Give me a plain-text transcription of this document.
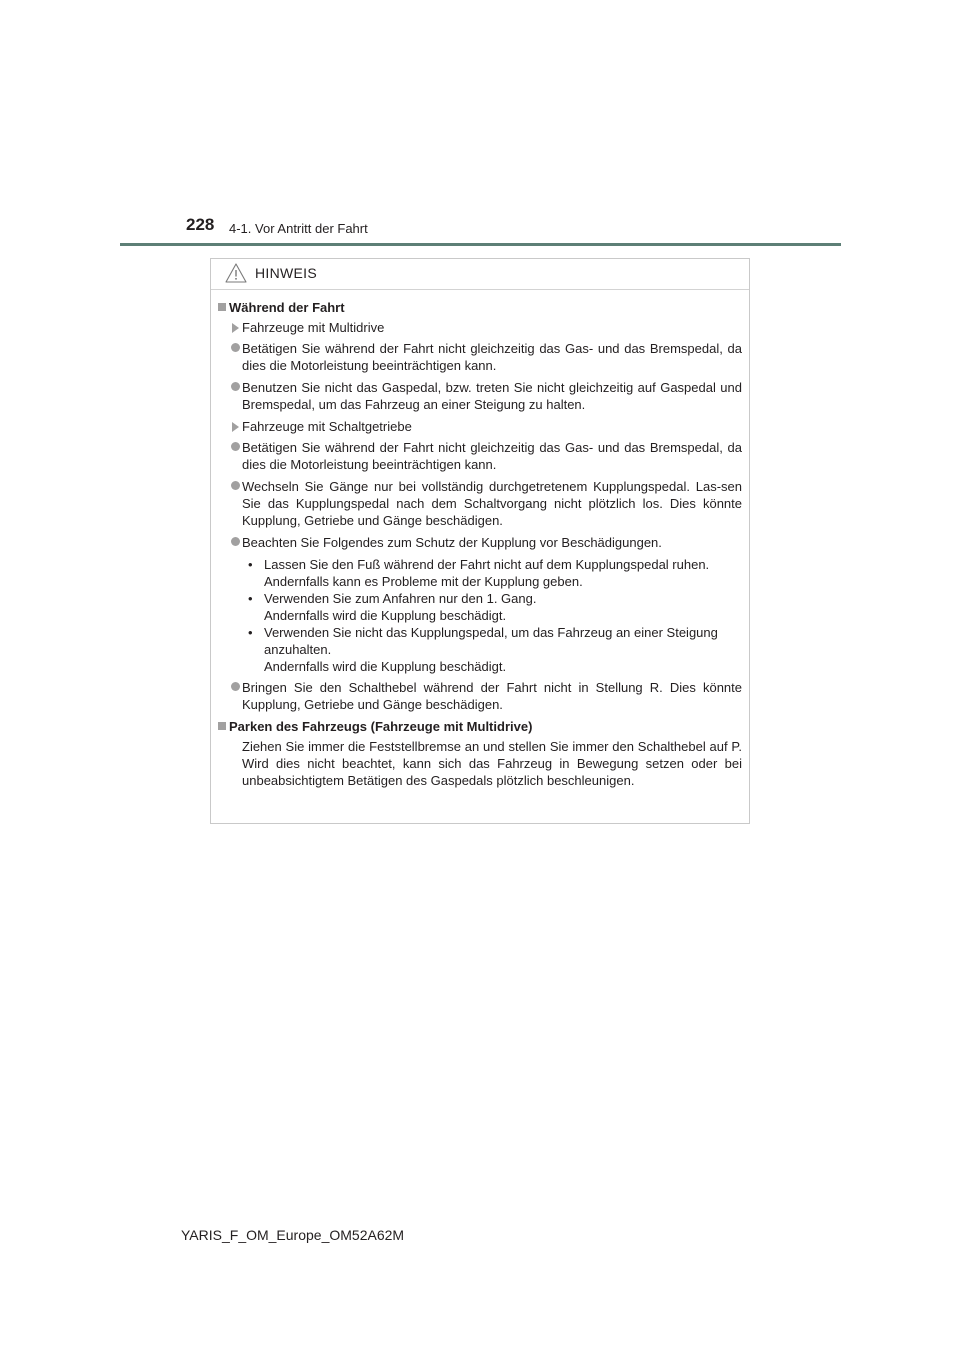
228 4-1. Vor Antritt der Fahrt
HINWEIS

Während der Fahrt

Fahrzeuge mit Multidrive

Betätigen Sie während der Fahrt nicht gleichzeitig das Gas- und das Bremspedal, da dies die Motorleistung beeinträchtigen kann.

Benutzen Sie nicht das Gaspedal, bzw. treten Sie nicht gleichzeitig auf Gaspedal und Bremspedal, um das Fahrzeug an einer Steigung zu halten.

Fahrzeuge mit Schaltgetriebe

Betätigen Sie während der Fahrt nicht gleichzeitig das Gas- und das Bremspedal, da dies die Motorleistung beeinträchtigen kann.

Wechseln Sie Gänge nur bei vollständig durchgetretenem Kupplungspedal. Las-sen Sie das Kupplungspedal nach dem Schaltvorgang nicht plötzlich los. Dies könnte Kupplung, Getriebe und Gänge beschädigen.

Beachten Sie Folgendes zum Schutz der Kupplung vor Beschädigungen.

• Lassen Sie den Fuß während der Fahrt nicht auf dem Kupplungspedal ruhen.
Andernfalls kann es Probleme mit der Kupplung geben.

• Verwenden Sie zum Anfahren nur den 1. Gang.
Andernfalls wird die Kupplung beschädigt.

• Verwenden Sie nicht das Kupplungspedal, um das Fahrzeug an einer Steigung anzuhalten.
Andernfalls wird die Kupplung beschädigt.

Bringen Sie den Schalthebel während der Fahrt nicht in Stellung R. Dies könnte Kupplung, Getriebe und Gänge beschädigen.

Parken des Fahrzeugs (Fahrzeuge mit Multidrive)

Ziehen Sie immer die Feststellbremse an und stellen Sie immer den Schalthebel auf P. Wird dies nicht beachtet, kann sich das Fahrzeug in Bewegung setzen oder bei unbeabsichtigtem Betätigen des Gaspedals plötzlich beschleunigen.

YARIS_F_OM_Europe_OM52A62M
